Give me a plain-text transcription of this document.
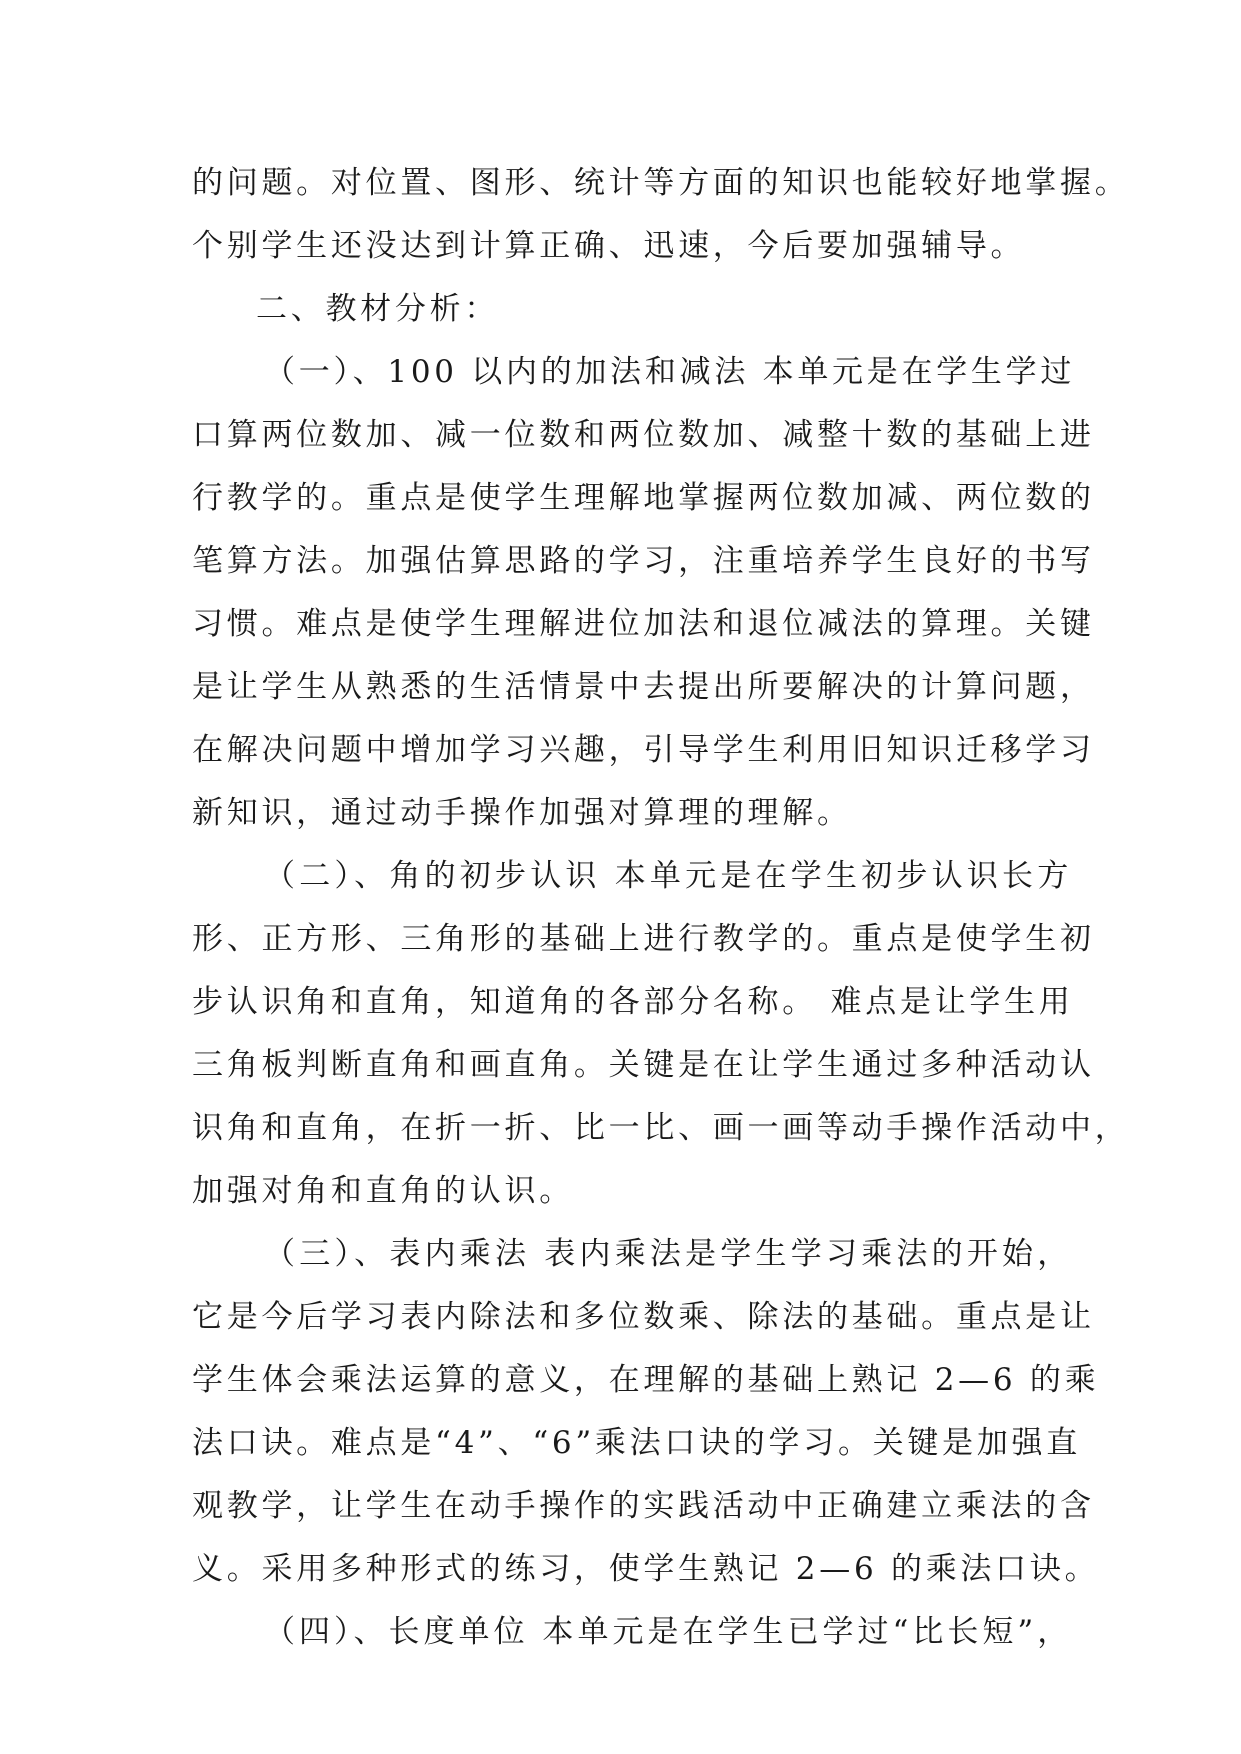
的问题。对位置、图形、统计等方面的知识也能较好地掌握。
个别学生还没达到计算正确、迅速，今后要加强辅导。
二、教材分析：
（一）、100 以内的加法和减法 本单元是在学生学过
口算两位数加、减一位数和两位数加、减整十数的基础上进
行教学的。重点是使学生理解地掌握两位数加减、两位数的
笔算方法。加强估算思路的学习，注重培养学生良好的书写
习惯。难点是使学生理解进位加法和退位减法的算理。关键
是让学生从熟悉的生活情景中去提出所要解决的计算问题，
在解决问题中增加学习兴趣，引导学生利用旧知识迁移学习
新知识，通过动手操作加强对算理的理解。
（二）、角的初步认识 本单元是在学生初步认识长方
形、正方形、三角形的基础上进行教学的。重点是使学生初
步认识角和直角，知道角的各部分名称。 难点是让学生用
三角板判断直角和画直角。关键是在让学生通过多种活动认
识角和直角，在折一折、比一比、画一画等动手操作活动中，
加强对角和直角的认识。
（三）、表内乘法 表内乘法是学生学习乘法的开始，
它是今后学习表内除法和多位数乘、除法的基础。重点是让
学生体会乘法运算的意义，在理解的基础上熟记 2—6 的乘
法口诀。难点是“4”、“6”乘法口诀的学习。关键是加强直
观教学，让学生在动手操作的实践活动中正确建立乘法的含
义。采用多种形式的练习，使学生熟记 2—6 的乘法口诀。
（四）、长度单位 本单元是在学生已学过“比长短”，
